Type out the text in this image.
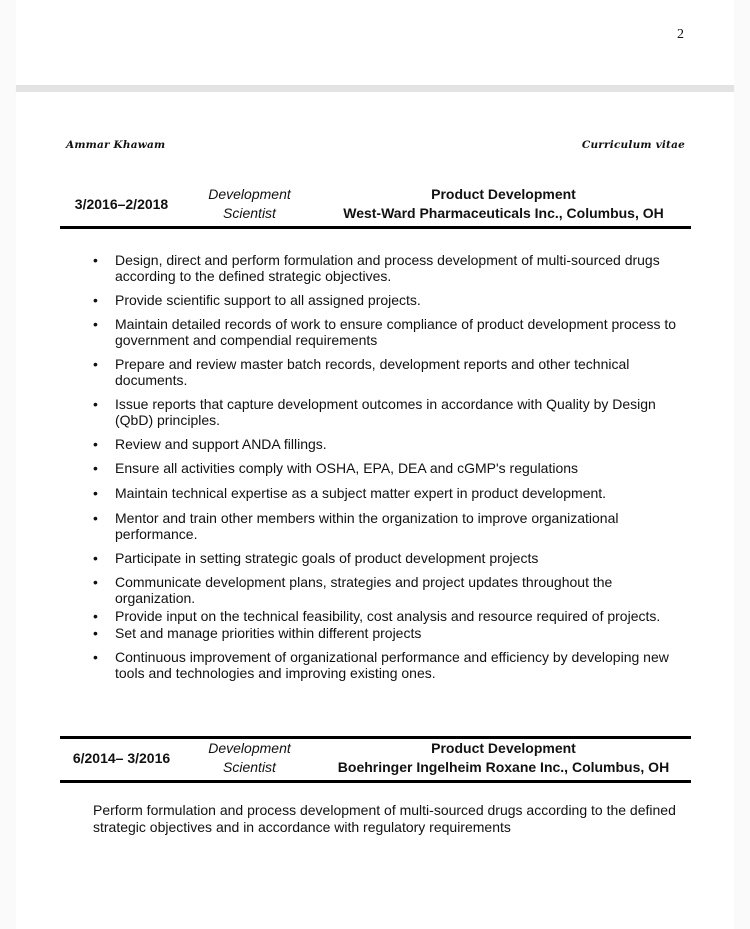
2
Ammar Khawam	Curriculum vitae
3/2016–2/2018
Development
Scientist
Product Development
West-Ward Pharmaceuticals Inc., Columbus, OH
• Design, direct and perform formulation and process development of multi-sourced drugs according to the defined strategic objectives.
• Provide scientific support to all assigned projects.
• Maintain detailed records of work to ensure compliance of product development process to government and compendial requirements
• Prepare and review master batch records, development reports and other technical documents.
• Issue reports that capture development outcomes in accordance with Quality by Design (QbD) principles.
• Review and support ANDA fillings.
• Ensure all activities comply with OSHA, EPA, DEA and cGMP's regulations
• Maintain technical expertise as a subject matter expert in product development.
• Mentor and train other members within the organization to improve organizational performance.
• Participate in setting strategic goals of product development projects
• Communicate development plans, strategies and project updates throughout the organization.
• Provide input on the technical feasibility, cost analysis and resource required of projects.
• Set and manage priorities within different projects
• Continuous improvement of organizational performance and efficiency by developing new tools and technologies and improving existing ones.
6/2014– 3/2016
Development
Scientist
Product Development
Boehringer Ingelheim Roxane Inc., Columbus, OH

Perform formulation and process development of multi-sourced drugs according to the defined strategic objectives and in accordance with regulatory requirements
